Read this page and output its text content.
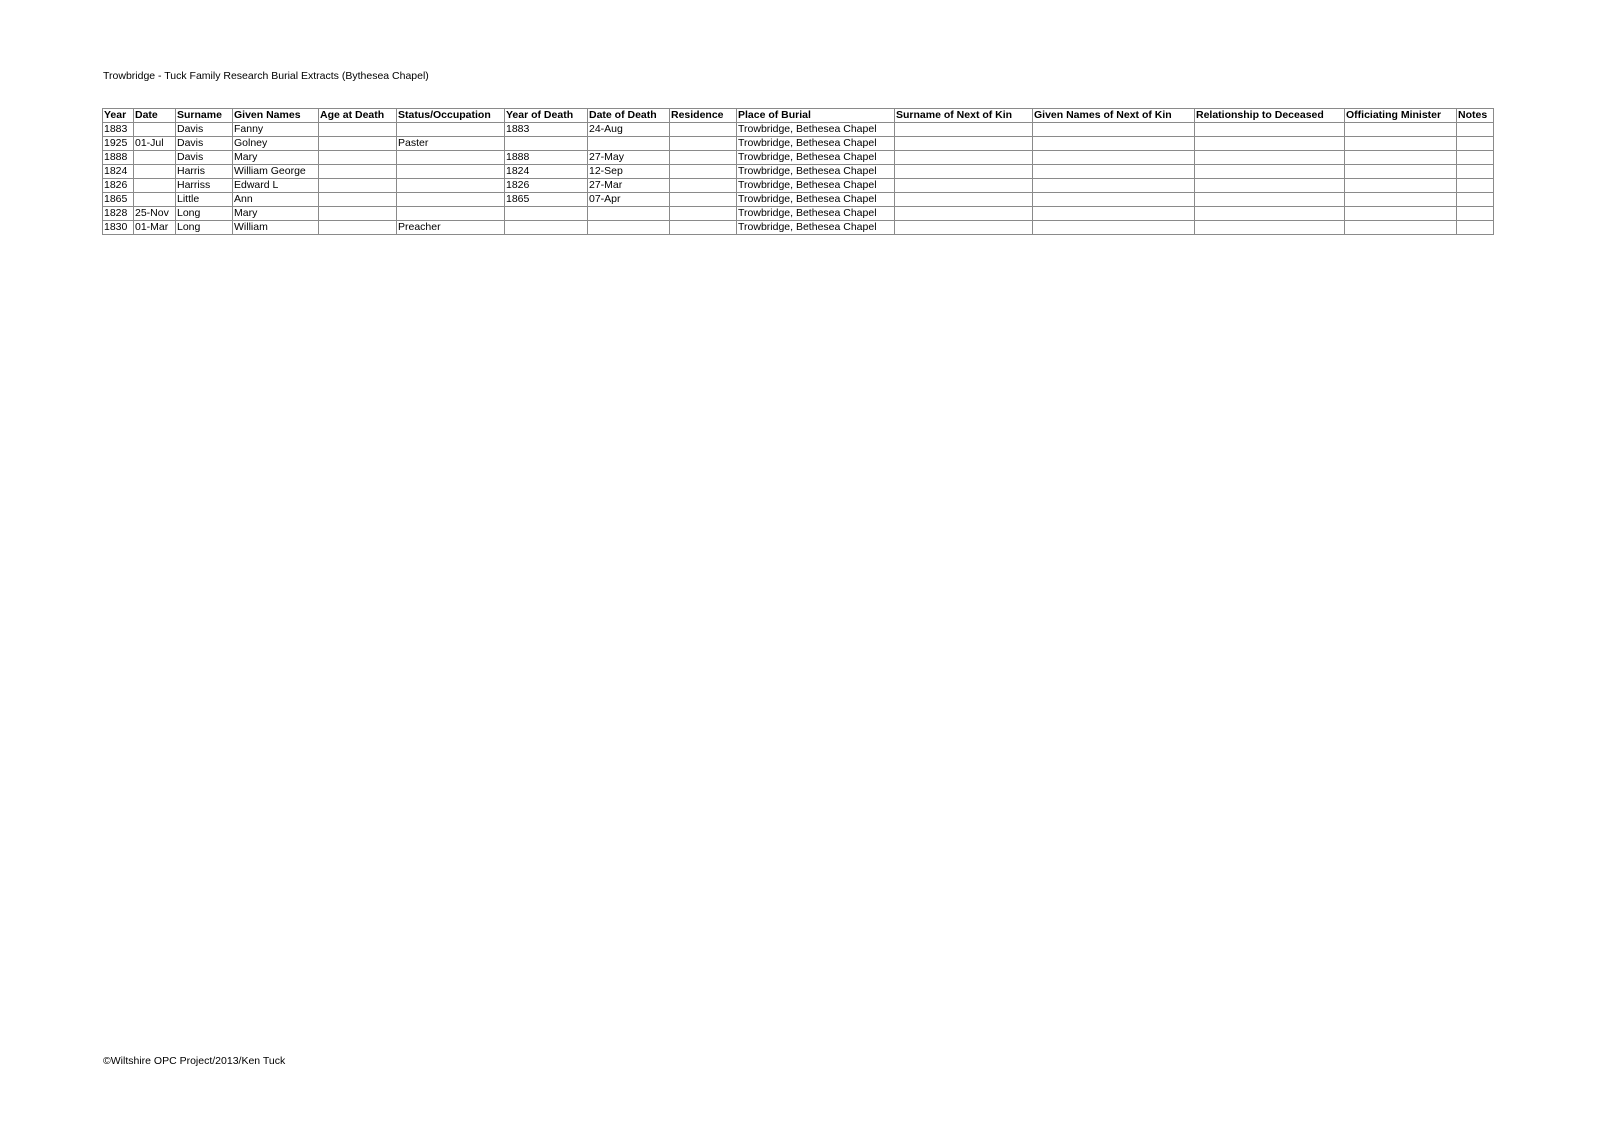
Trowbridge - Tuck Family Research Burial Extracts (Bythesea Chapel)
Year	Date	Surname	Given Names	Age at Death	Status/Occupation	Year of Death	Date of Death	Residence	Place of Burial	Surname of Next of Kin	Given Names of Next of Kin	Relationship to Deceased	Officiating Minister	Notes
1883		Davis	Fanny			1883	24-Aug		Trowbridge, Bethesea Chapel					
1925	01-Jul	Davis	Golney		Paster				Trowbridge, Bethesea Chapel					
1888		Davis	Mary			1888	27-May		Trowbridge, Bethesea Chapel					
1824		Harris	William George			1824	12-Sep		Trowbridge, Bethesea Chapel					
1826		Harriss	Edward L			1826	27-Mar		Trowbridge, Bethesea Chapel					
1865		Little	Ann			1865	07-Apr		Trowbridge, Bethesea Chapel					
1828	25-Nov	Long	Mary						Trowbridge, Bethesea Chapel					
1830	01-Mar	Long	William		Preacher				Trowbridge, Bethesea Chapel					
©Wiltshire OPC Project/2013/Ken Tuck
